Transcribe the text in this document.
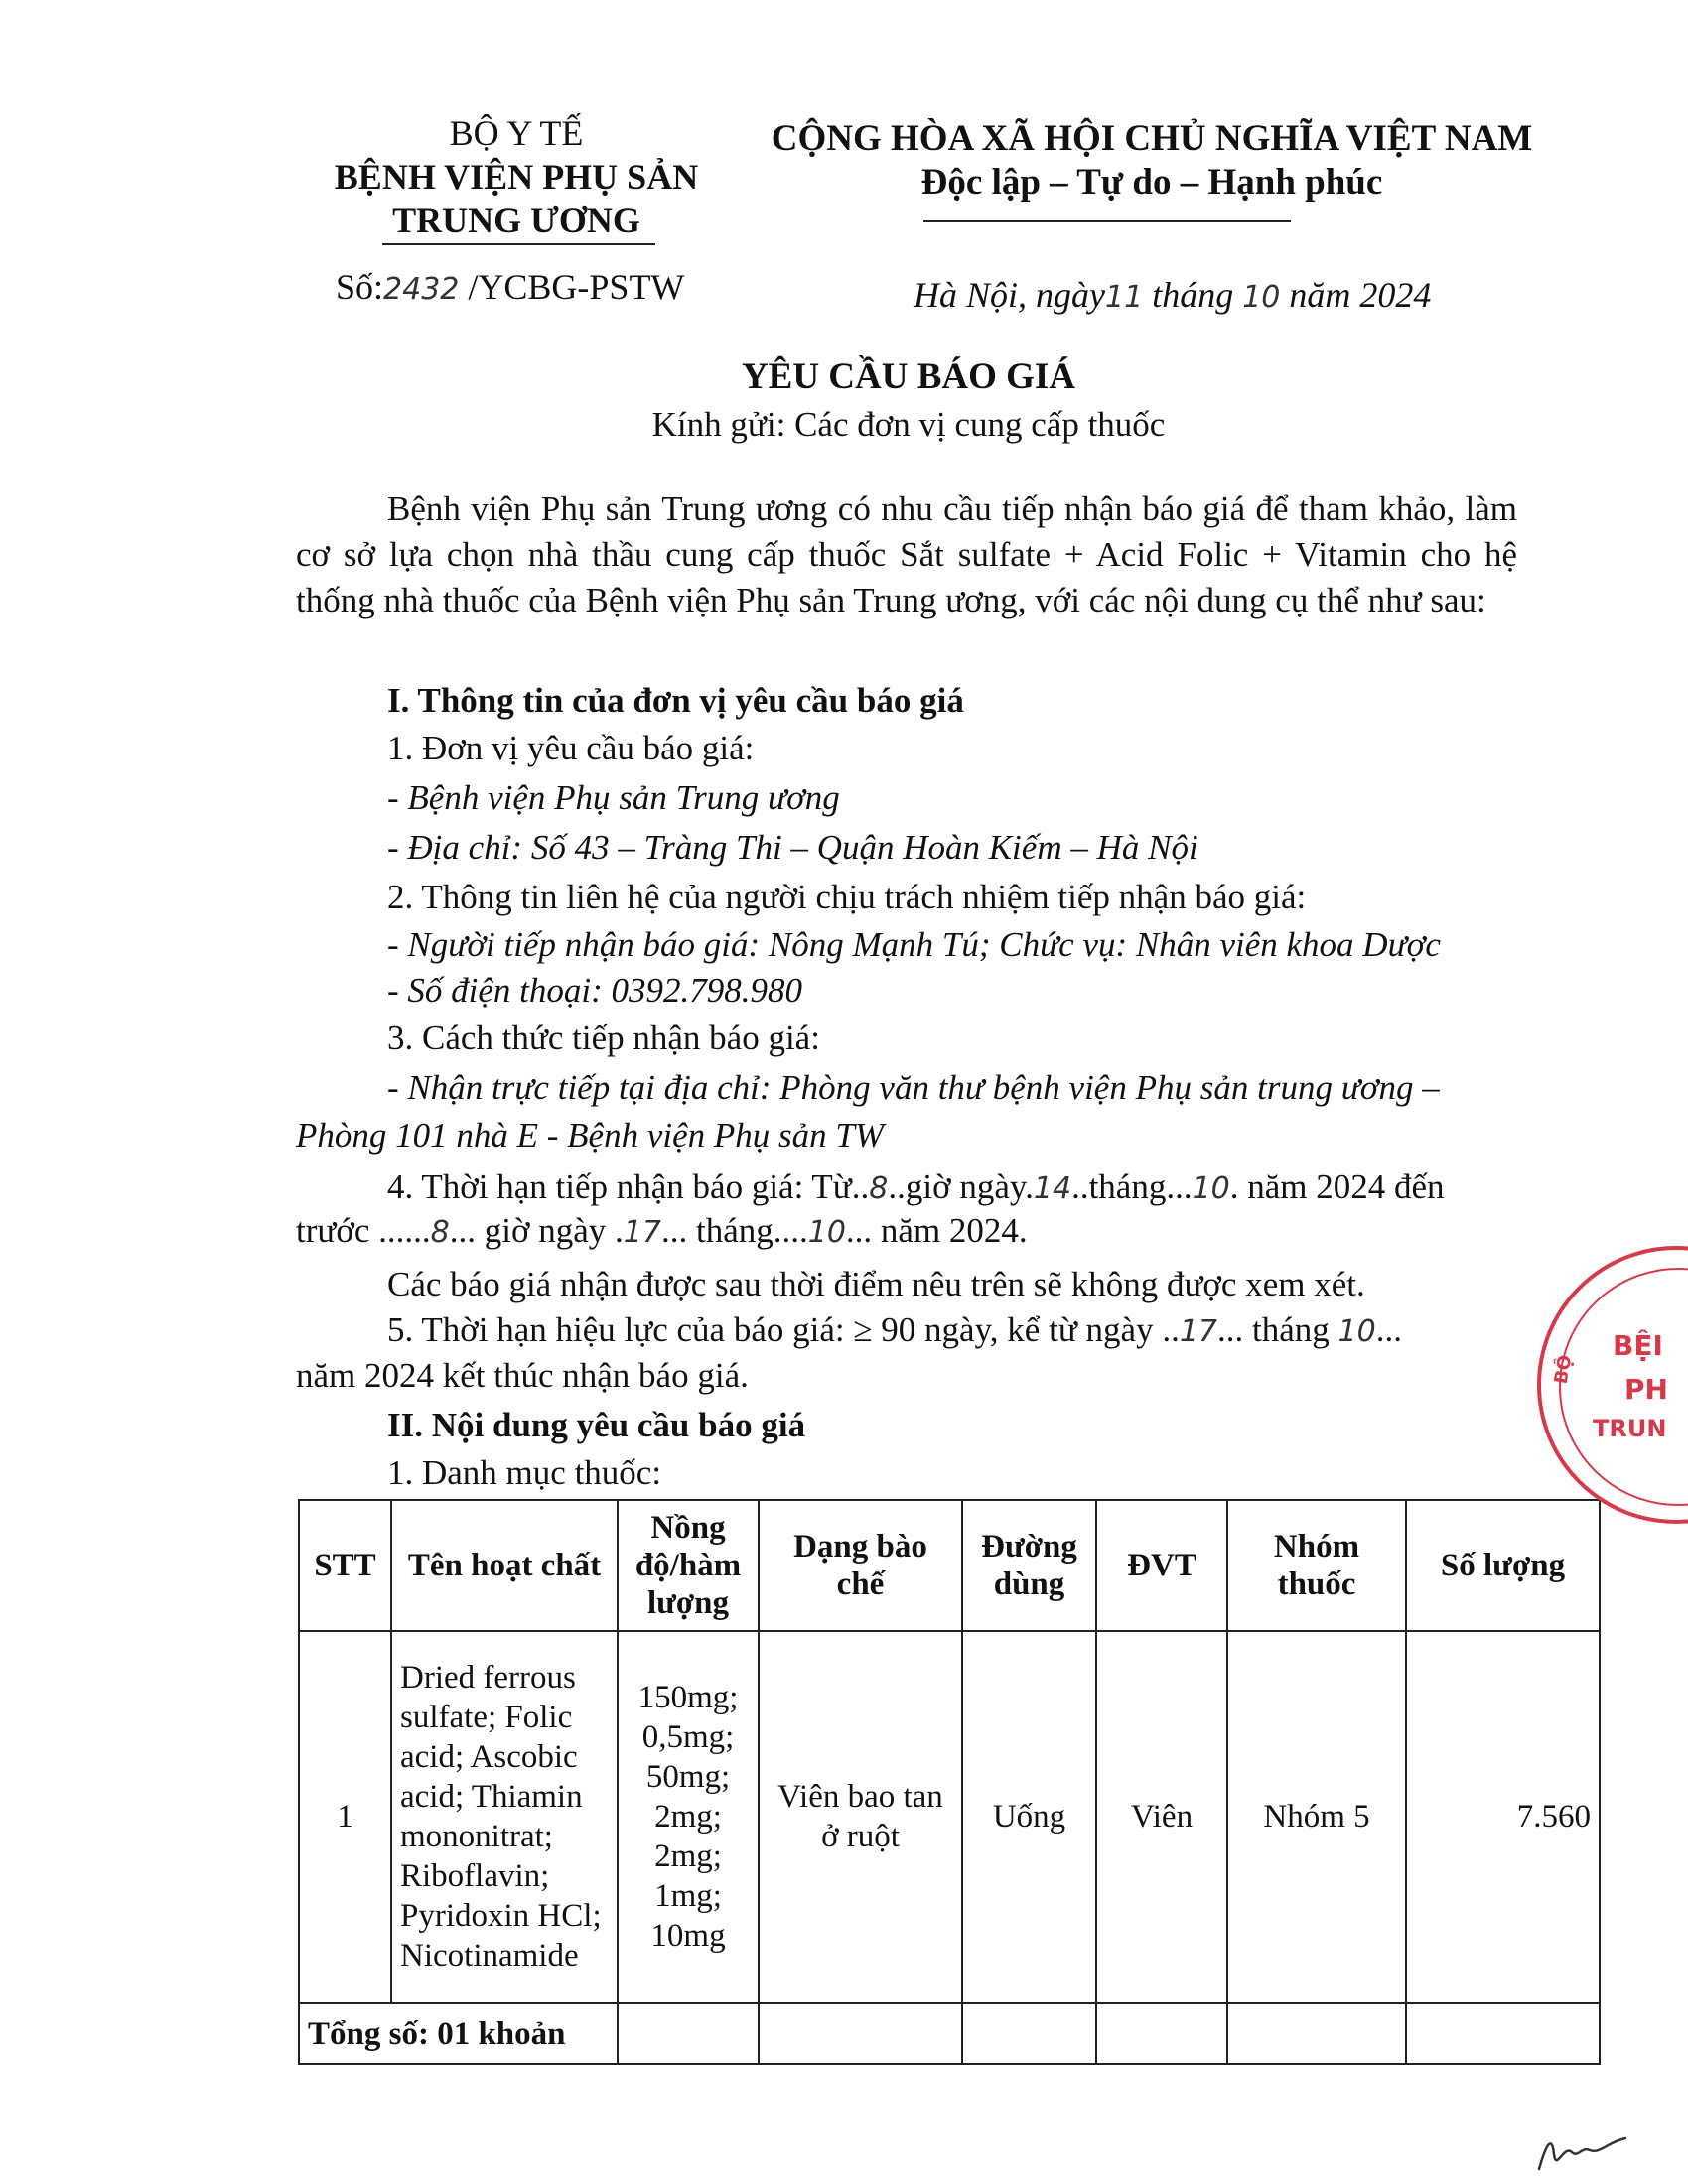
BỘ Y TẾ
BỆNH VIỆN PHỤ SẢN
TRUNG ƯƠNG
CỘNG HÒA XÃ HỘI CHỦ NGHĨA VIỆT NAM
Độc lập – Tự do – Hạnh phúc
Số:2432 /YCBG-PSTW	Hà Nội, ngày11 tháng 10 năm 2024
YÊU CẦU BÁO GIÁ
Kính gửi: Các đơn vị cung cấp thuốc
Bệnh viện Phụ sản Trung ương có nhu cầu tiếp nhận báo giá để tham khảo, làm cơ sở lựa chọn nhà thầu cung cấp thuốc Sắt sulfate + Acid Folic + Vitamin cho hệ thống nhà thuốc của Bệnh viện Phụ sản Trung ương, với các nội dung cụ thể như sau:
I. Thông tin của đơn vị yêu cầu báo giá
1. Đơn vị yêu cầu báo giá:
- Bệnh viện Phụ sản Trung ương
- Địa chỉ: Số 43 – Tràng Thi – Quận Hoàn Kiếm – Hà Nội
2. Thông tin liên hệ của người chịu trách nhiệm tiếp nhận báo giá:
- Người tiếp nhận báo giá: Nông Mạnh Tú; Chức vụ: Nhân viên khoa Dược
- Số điện thoại: 0392.798.980
3. Cách thức tiếp nhận báo giá:
- Nhận trực tiếp tại địa chỉ: Phòng văn thư bệnh viện Phụ sản trung ương –
Phòng 101 nhà E - Bệnh viện Phụ sản TW
4. Thời hạn tiếp nhận báo giá: Từ..8..giờ ngày.14..tháng...10. năm 2024 đến
trước ......8... giờ ngày .17... tháng....10... năm 2024.
Các báo giá nhận được sau thời điểm nêu trên sẽ không được xem xét.
5. Thời hạn hiệu lực của báo giá: ≥ 90 ngày, kể từ ngày ..17... tháng 10...
năm 2024 kết thúc nhận báo giá.
II. Nội dung yêu cầu báo giá
1. Danh mục thuốc:
STT	Tên hoạt chất	Nồng độ/hàm lượng	Dạng bào chế	Đường dùng	ĐVT	Nhóm thuốc	Số lượng
1	Dried ferrous sulfate; Folic acid; Ascobic acid; Thiamin mononitrat; Riboflavin; Pyridoxin HCl; Nicotinamide	150mg; 0,5mg; 50mg; 2mg; 2mg; 1mg; 10mg	Viên bao tan ở ruột	Uống	Viên	Nhóm 5	7.560
Tổng số: 01 khoản							
BỆI
PH
TRUN
BỘ
